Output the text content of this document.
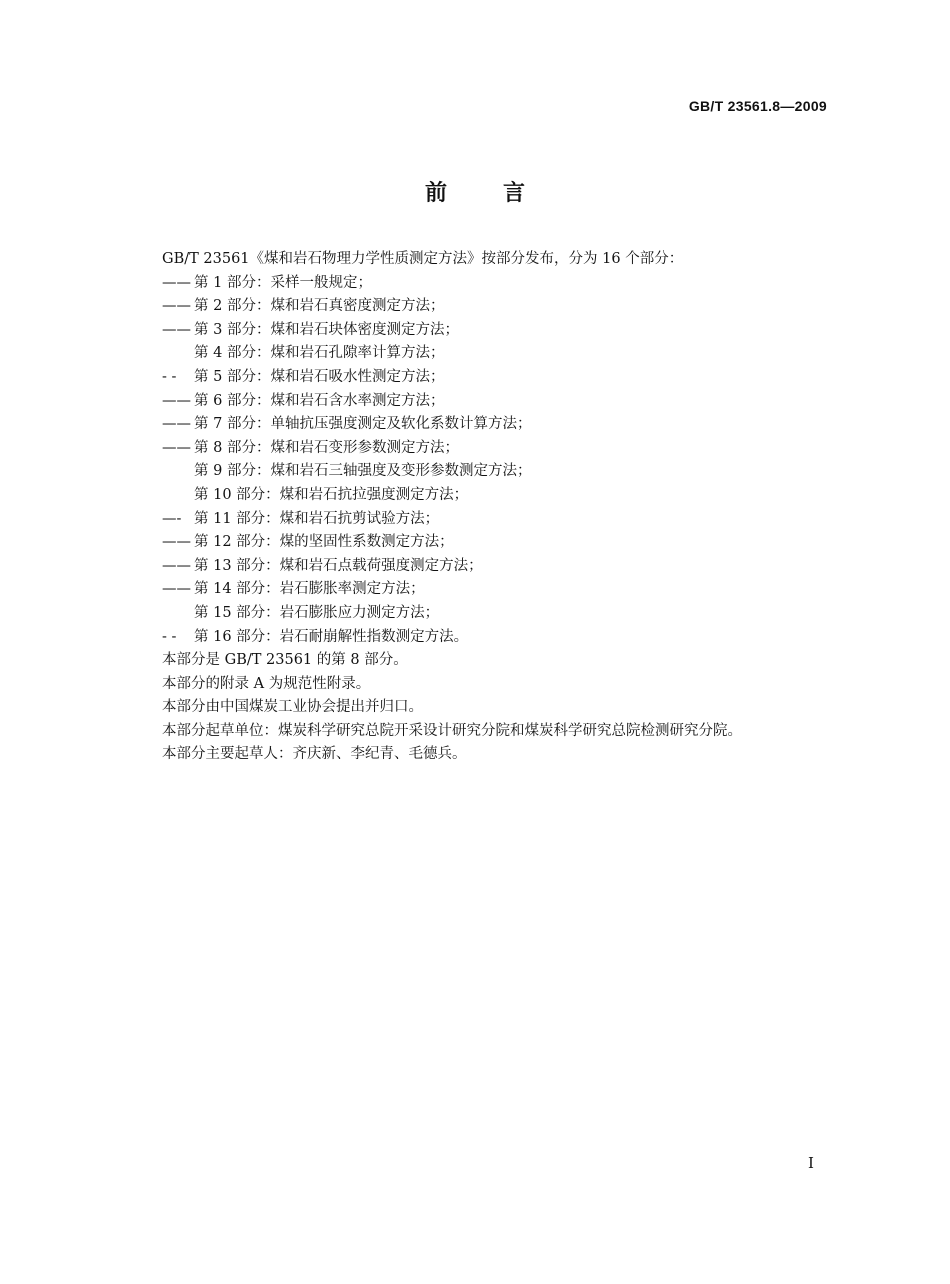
GB/T 23561.8—2009
前言
GB/T 23561《煤和岩石物理力学性质测定方法》按部分发布，分为 16 个部分：
—— 第 1 部分：采样一般规定；
—— 第 2 部分：煤和岩石真密度测定方法；
—— 第 3 部分：煤和岩石块体密度测定方法；
第 4 部分：煤和岩石孔隙率计算方法；
- - 第 5 部分：煤和岩石吸水性测定方法；
—— 第 6 部分：煤和岩石含水率测定方法；
—— 第 7 部分：单轴抗压强度测定及软化系数计算方法；
—— 第 8 部分：煤和岩石变形参数测定方法；
第 9 部分：煤和岩石三轴强度及变形参数测定方法；
第 10 部分：煤和岩石抗拉强度测定方法；
—- 第 11 部分：煤和岩石抗剪试验方法；
—— 第 12 部分：煤的坚固性系数测定方法；
—— 第 13 部分：煤和岩石点载荷强度测定方法；
—— 第 14 部分：岩石膨胀率测定方法；
第 15 部分：岩石膨胀应力测定方法；
- - 第 16 部分：岩石耐崩解性指数测定方法。
本部分是 GB/T 23561 的第 8 部分。
本部分的附录 A 为规范性附录。
本部分由中国煤炭工业协会提出并归口。
本部分起草单位：煤炭科学研究总院开采设计研究分院和煤炭科学研究总院检测研究分院。
本部分主要起草人：齐庆新、李纪青、毛德兵。
I
